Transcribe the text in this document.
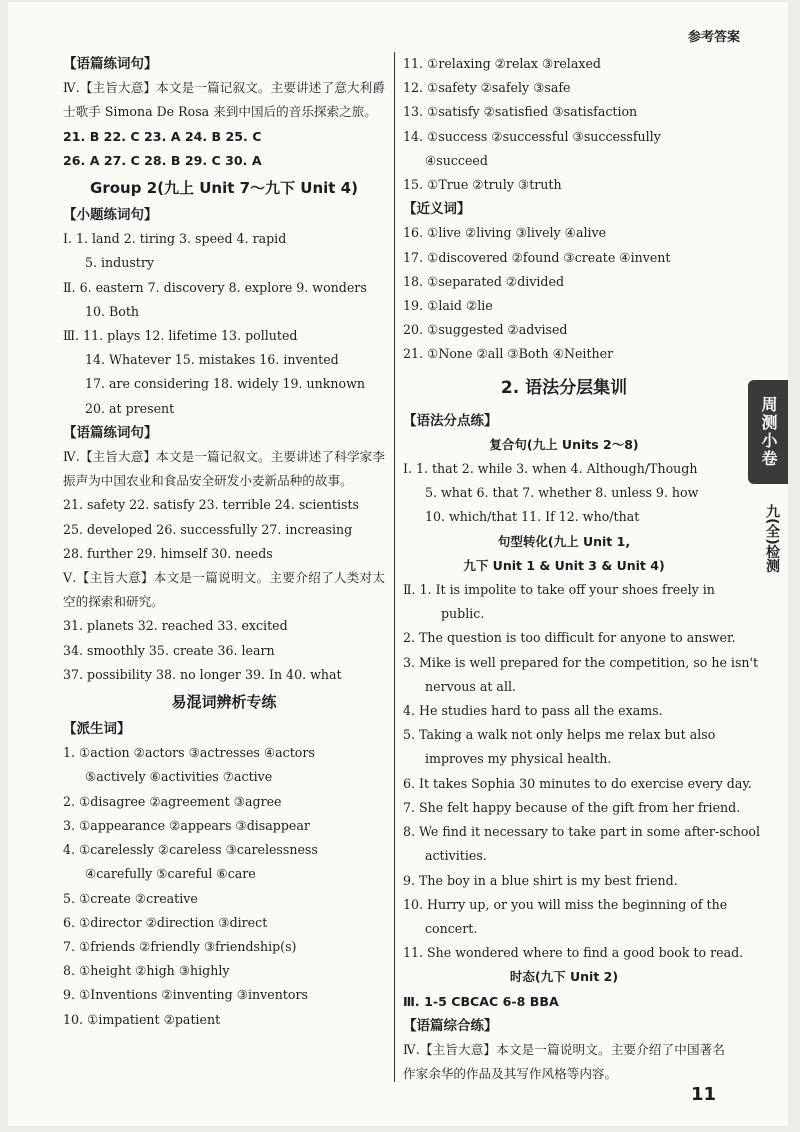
参考答案
【语篇练词句】
Ⅳ.【主旨大意】本文是一篇记叙文。主要讲述了意大利爵士歌手 Simona De Rosa 来到中国后的音乐探索之旅。
21. B 22. C 23. A 24. B 25. C
26. A 27. C 28. B 29. C 30. A
Group 2(九上 Unit 7～九下 Unit 4)
【小题练词句】
Ⅰ. 1. land 2. tiring 3. speed 4. rapid
5. industry
Ⅱ. 6. eastern 7. discovery 8. explore 9. wonders
10. Both
Ⅲ. 11. plays 12. lifetime 13. polluted
14. Whatever 15. mistakes 16. invented
17. are considering 18. widely 19. unknown
20. at present
【语篇练词句】
Ⅳ.【主旨大意】本文是一篇记叙文。主要讲述了科学家李振声为中国农业和食品安全研发小麦新品种的故事。
21. safety 22. satisfy 23. terrible 24. scientists
25. developed 26. successfully 27. increasing
28. further 29. himself 30. needs
Ⅴ.【主旨大意】本文是一篇说明文。主要介绍了人类对太空的探索和研究。
31. planets 32. reached 33. excited
34. smoothly 35. create 36. learn
37. possibility 38. no longer 39. In 40. what
易混词辨析专练
【派生词】
1. ①action ②actors ③actresses ④actors
⑤actively ⑥activities ⑦active
2. ①disagree ②agreement ③agree
3. ①appearance ②appears ③disappear
4. ①carelessly ②careless ③carelessness
④carefully ⑤careful ⑥care
5. ①create ②creative
6. ①director ②direction ③direct
7. ①friends ②friendly ③friendship(s)
8. ①height ②high ③highly
9. ①Inventions ②inventing ③inventors
10. ①impatient ②patient
11. ①relaxing ②relax ③relaxed
12. ①safety ②safely ③safe
13. ①satisfy ②satisfied ③satisfaction
14. ①success ②successful ③successfully
④succeed
15. ①True ②truly ③truth
【近义词】
16. ①live ②living ③lively ④alive
17. ①discovered ②found ③create ④invent
18. ①separated ②divided
19. ①laid ②lie
20. ①suggested ②advised
21. ①None ②all ③Both ④Neither
2. 语法分层集训
【语法分点练】
复合句(九上 Units 2～8)
Ⅰ. 1. that 2. while 3. when 4. Although/Though
5. what 6. that 7. whether 8. unless 9. how
10. which/that 11. If 12. who/that
句型转化(九上 Unit 1,
九下 Unit 1 & Unit 3 & Unit 4)
Ⅱ. 1. It is impolite to take off your shoes freely in
public.
2. The question is too difficult for anyone to answer.
3. Mike is well prepared for the competition, so he isn't
nervous at all.
4. He studies hard to pass all the exams.
5. Taking a walk not only helps me relax but also
improves my physical health.
6. It takes Sophia 30 minutes to do exercise every day.
7. She felt happy because of the gift from her friend.
8. We find it necessary to take part in some after-school
activities.
9. The boy in a blue shirt is my best friend.
10. Hurry up, or you will miss the beginning of the
concert.
11. She wondered where to find a good book to read.
时态(九下 Unit 2)
Ⅲ. 1-5 CBCAC 6-8 BBA
【语篇综合练】
Ⅳ.【主旨大意】本文是一篇说明文。主要介绍了中国著名作家余华的作品及其写作风格等内容。
周测小卷
九(全)检测
11
